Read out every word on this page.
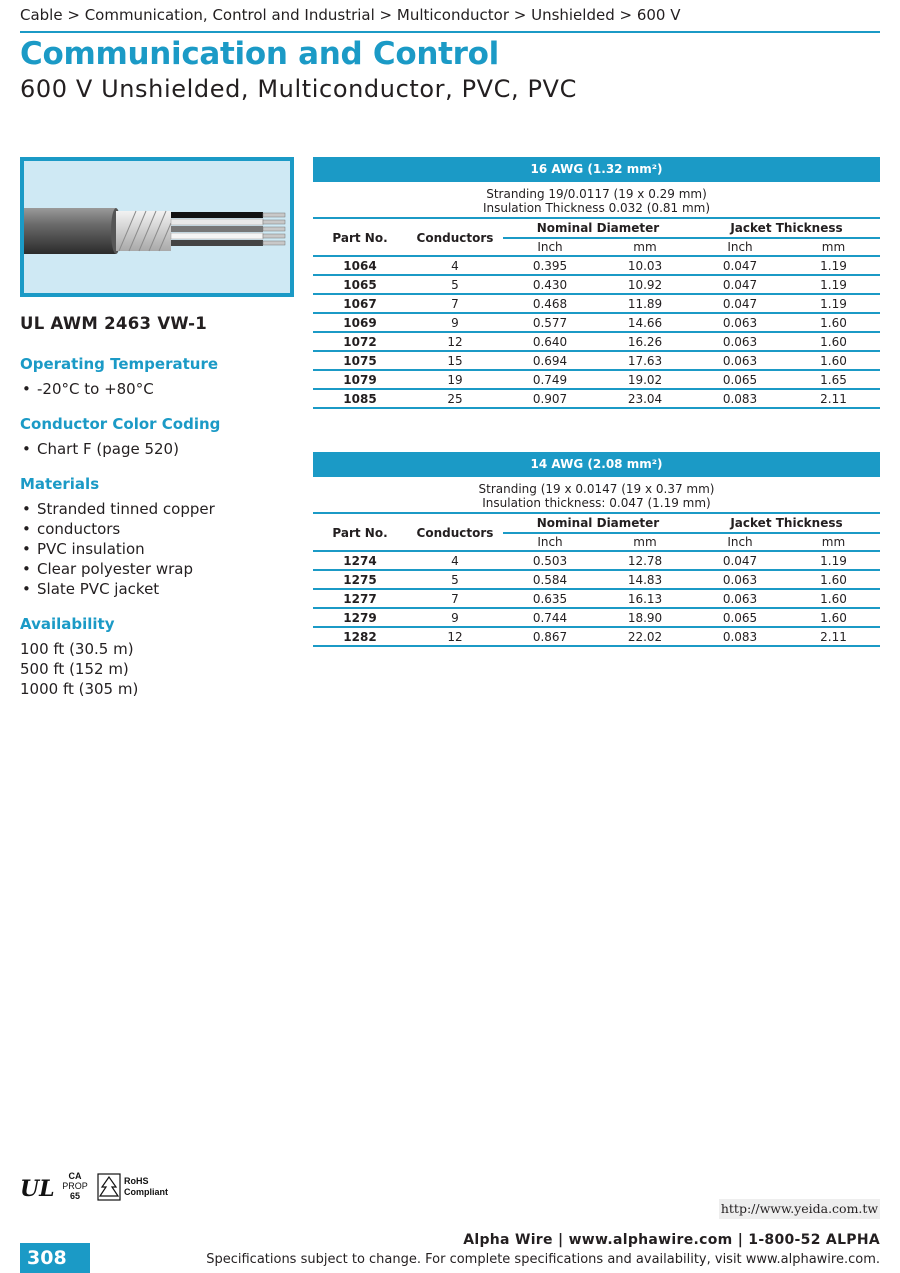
Cable > Communication, Control and Industrial > Multiconductor > Unshielded > 600 V
Communication and Control
600 V Unshielded, Multiconductor, PVC, PVC
UL AWM 2463 VW-1
Operating Temperature
• -20°C to +80°C
Conductor Color Coding
• Chart F (page 520)
Materials
• Stranded tinned copper
• conductors
• PVC insulation
• Clear polyester wrap
• Slate PVC jacket
Availability
100 ft (30.5 m)
500 ft (152 m)
1000 ft (305 m)
16 AWG (1.32 mm²)
Stranding 19/0.0117 (19 x 0.29 mm)
Insulation Thickness 0.032 (0.81 mm)
Part No.	Conductors
Nominal Diameter	Jacket Thickness
Inch	mm	Inch	mm
1064	4	0.395	10.03	0.047	1.19
1065	5	0.430	10.92	0.047	1.19
1067	7	0.468	11.89	0.047	1.19
1069	9	0.577	14.66	0.063	1.60
1072	12	0.640	16.26	0.063	1.60
1075	15	0.694	17.63	0.063	1.60
1079	19	0.749	19.02	0.065	1.65
1085	25	0.907	23.04	0.083	2.11
14 AWG (2.08 mm²)
Stranding (19 x 0.0147 (19 x 0.37 mm)
Insulation thickness: 0.047 (1.19 mm)
Part No.	Conductors
Nominal Diameter	Jacket Thickness
Inch	mm	Inch	mm
1274	4	0.503	12.78	0.047	1.19
1275	5	0.584	14.83	0.063	1.60
1277	7	0.635	16.13	0.063	1.60
1279	9	0.744	18.90	0.065	1.60
1282	12	0.867	22.02	0.083	2.11
UL CA
PROP
65
RoHS
Compliant
http://www.yeida.com.tw
Alpha Wire | www.alphawire.com | 1-800-52 ALPHA
Specifications subject to change. For complete specifications and availability, visit www.alphawire.com.
308
